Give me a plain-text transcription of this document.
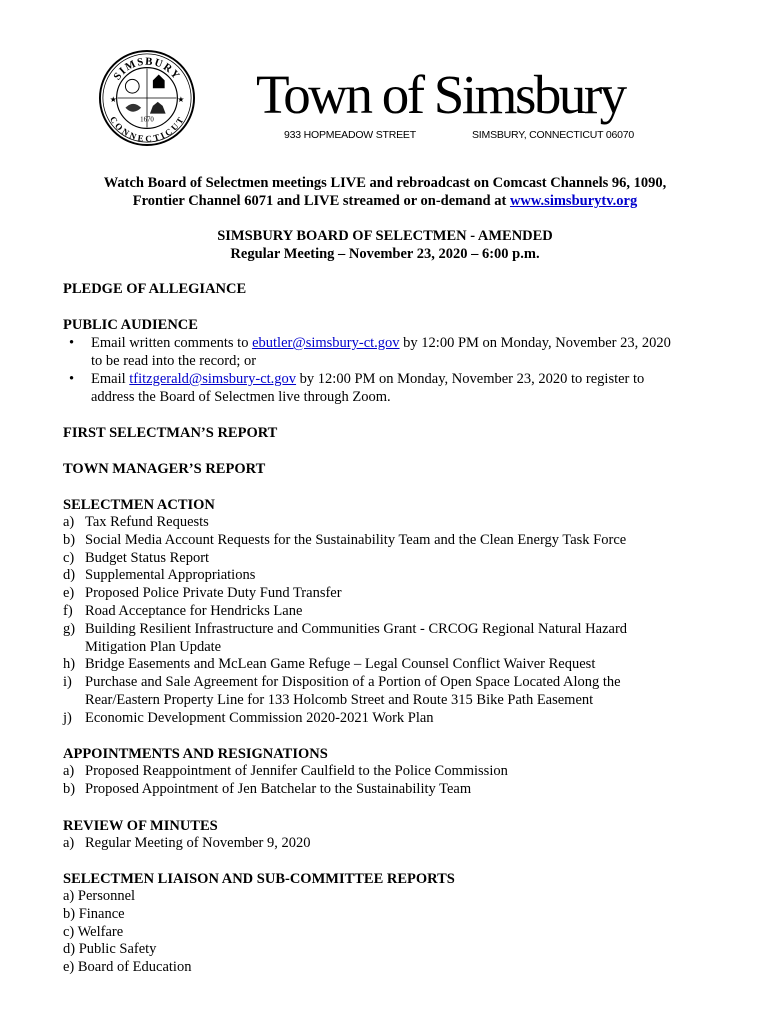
SIMSBURY
CONNECTICUT
1670
★	★ Town of Simsbury
933 HOPMEADOW STREET	SIMSBURY, CONNECTICUT 06070
Watch Board of Selectmen meetings LIVE and rebroadcast on Comcast Channels 96, 1090,
Frontier Channel 6071 and LIVE streamed or on-demand at www.simsburytv.org
SIMSBURY BOARD OF SELECTMEN - AMENDED
Regular Meeting – November 23, 2020 – 6:00 p.m.
PLEDGE OF ALLEGIANCE
PUBLIC AUDIENCE
• Email written comments to ebutler@simsbury-ct.gov by 12:00 PM on Monday, November 23, 2020
to be read into the record; or
• Email tfitzgerald@simsbury-ct.gov by 12:00 PM on Monday, November 23, 2020 to register to
address the Board of Selectmen live through Zoom.
FIRST SELECTMAN’S REPORT
TOWN MANAGER’S REPORT
SELECTMEN ACTION
a) Tax Refund Requests
b) Social Media Account Requests for the Sustainability Team and the Clean Energy Task Force
c) Budget Status Report
d) Supplemental Appropriations
e) Proposed Police Private Duty Fund Transfer
f) Road Acceptance for Hendricks Lane
g) Building Resilient Infrastructure and Communities Grant - CRCOG Regional Natural Hazard
Mitigation Plan Update
h) Bridge Easements and McLean Game Refuge – Legal Counsel Conflict Waiver Request
i) Purchase and Sale Agreement for Disposition of a Portion of Open Space Located Along the
Rear/Eastern Property Line for 133 Holcomb Street and Route 315 Bike Path Easement
j) Economic Development Commission 2020-2021 Work Plan
APPOINTMENTS AND RESIGNATIONS
a) Proposed Reappointment of Jennifer Caulfield to the Police Commission
b) Proposed Appointment of Jen Batchelar to the Sustainability Team
REVIEW OF MINUTES
a) Regular Meeting of November 9, 2020
SELECTMEN LIAISON AND SUB-COMMITTEE REPORTS
a) Personnel
b) Finance
c) Welfare
d) Public Safety
e) Board of Education
